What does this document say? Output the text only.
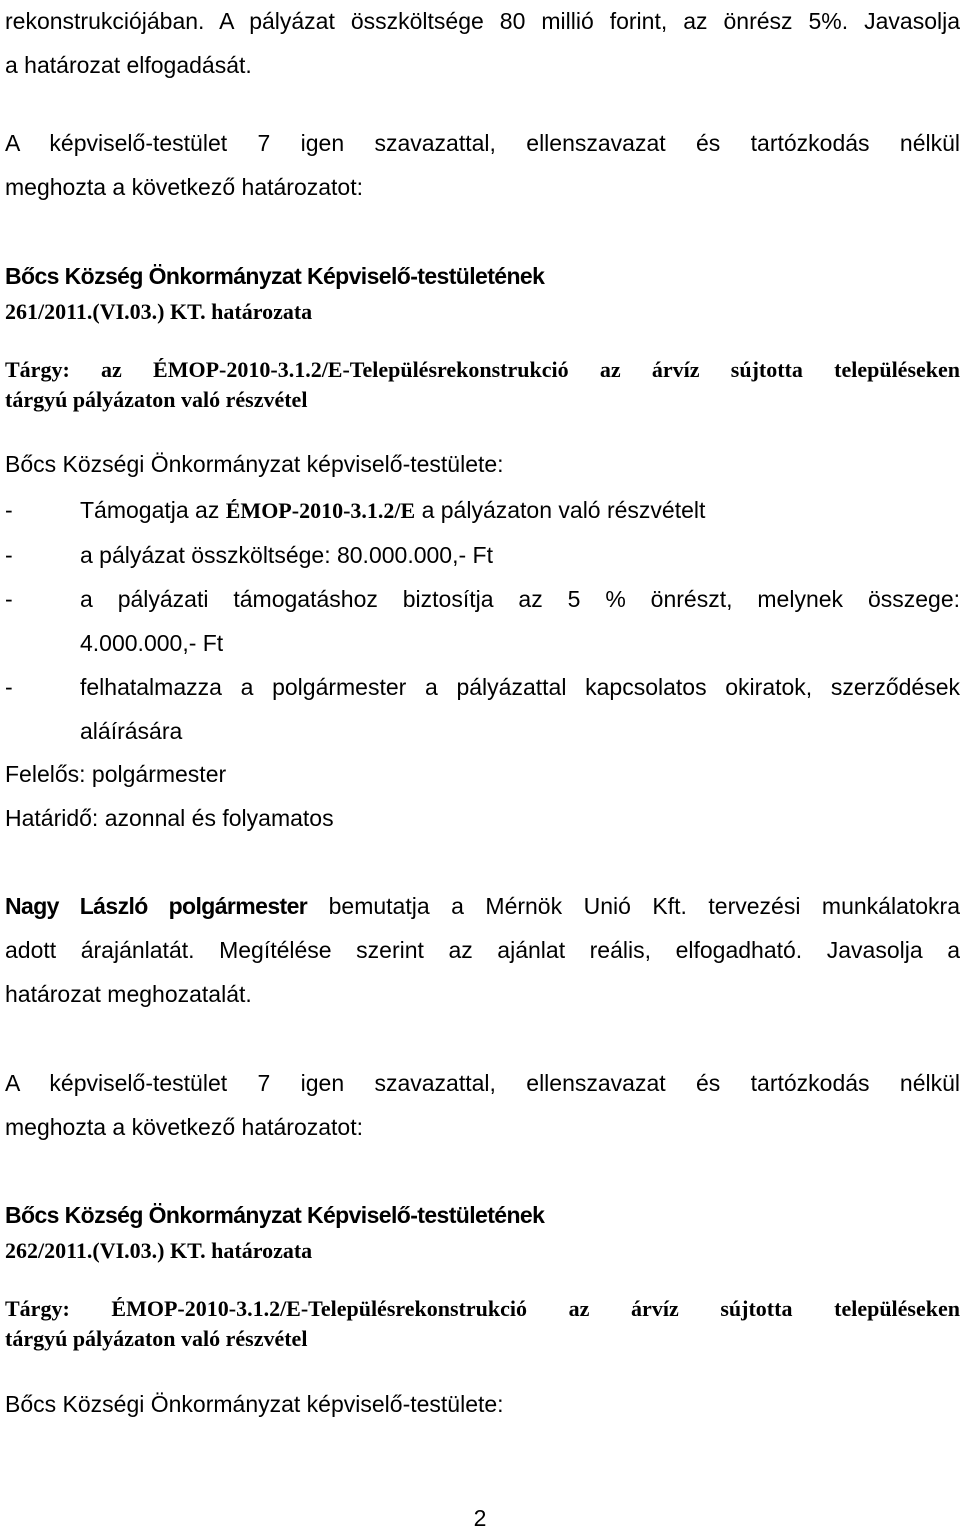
rekonstrukciójában. A pályázat összköltsége 80 millió forint, az önrész 5%. Javasolja
a határozat elfogadását.
A képviselő-testület 7 igen szavazattal, ellenszavazat és tartózkodás nélkül
meghozta a következő határozatot:
Bőcs Község Önkormányzat Képviselő-testületének
261/2011.(VI.03.) KT. határozata
Tárgy: az ÉMOP-2010-3.1.2/E-Településrekonstrukció az árvíz sújtotta településeken
tárgyú pályázaton való részvétel
Bőcs Községi Önkormányzat képviselő-testülete:
-	Támogatja az ÉMOP-2010-3.1.2/E a pályázaton való részvételt
-	a pályázat összköltsége: 80.000.000,- Ft
-	a pályázati támogatáshoz biztosítja az 5 % önrészt, melynek összege:
4.000.000,- Ft
-	felhatalmazza a polgármester a pályázattal kapcsolatos okiratok, szerződések
aláírására
Felelős: polgármester
Határidő: azonnal és folyamatos
Nagy László polgármester bemutatja a Mérnök Unió Kft. tervezési munkálatokra
adott árajánlatát. Megítélése szerint az ajánlat reális, elfogadható. Javasolja a
határozat meghozatalát.
A képviselő-testület 7 igen szavazattal, ellenszavazat és tartózkodás nélkül
meghozta a következő határozatot:
Bőcs Község Önkormányzat Képviselő-testületének
262/2011.(VI.03.) KT. határozata
Tárgy: ÉMOP-2010-3.1.2/E-Településrekonstrukció az árvíz sújtotta településeken
tárgyú pályázaton való részvétel
Bőcs Községi Önkormányzat képviselő-testülete:
2
